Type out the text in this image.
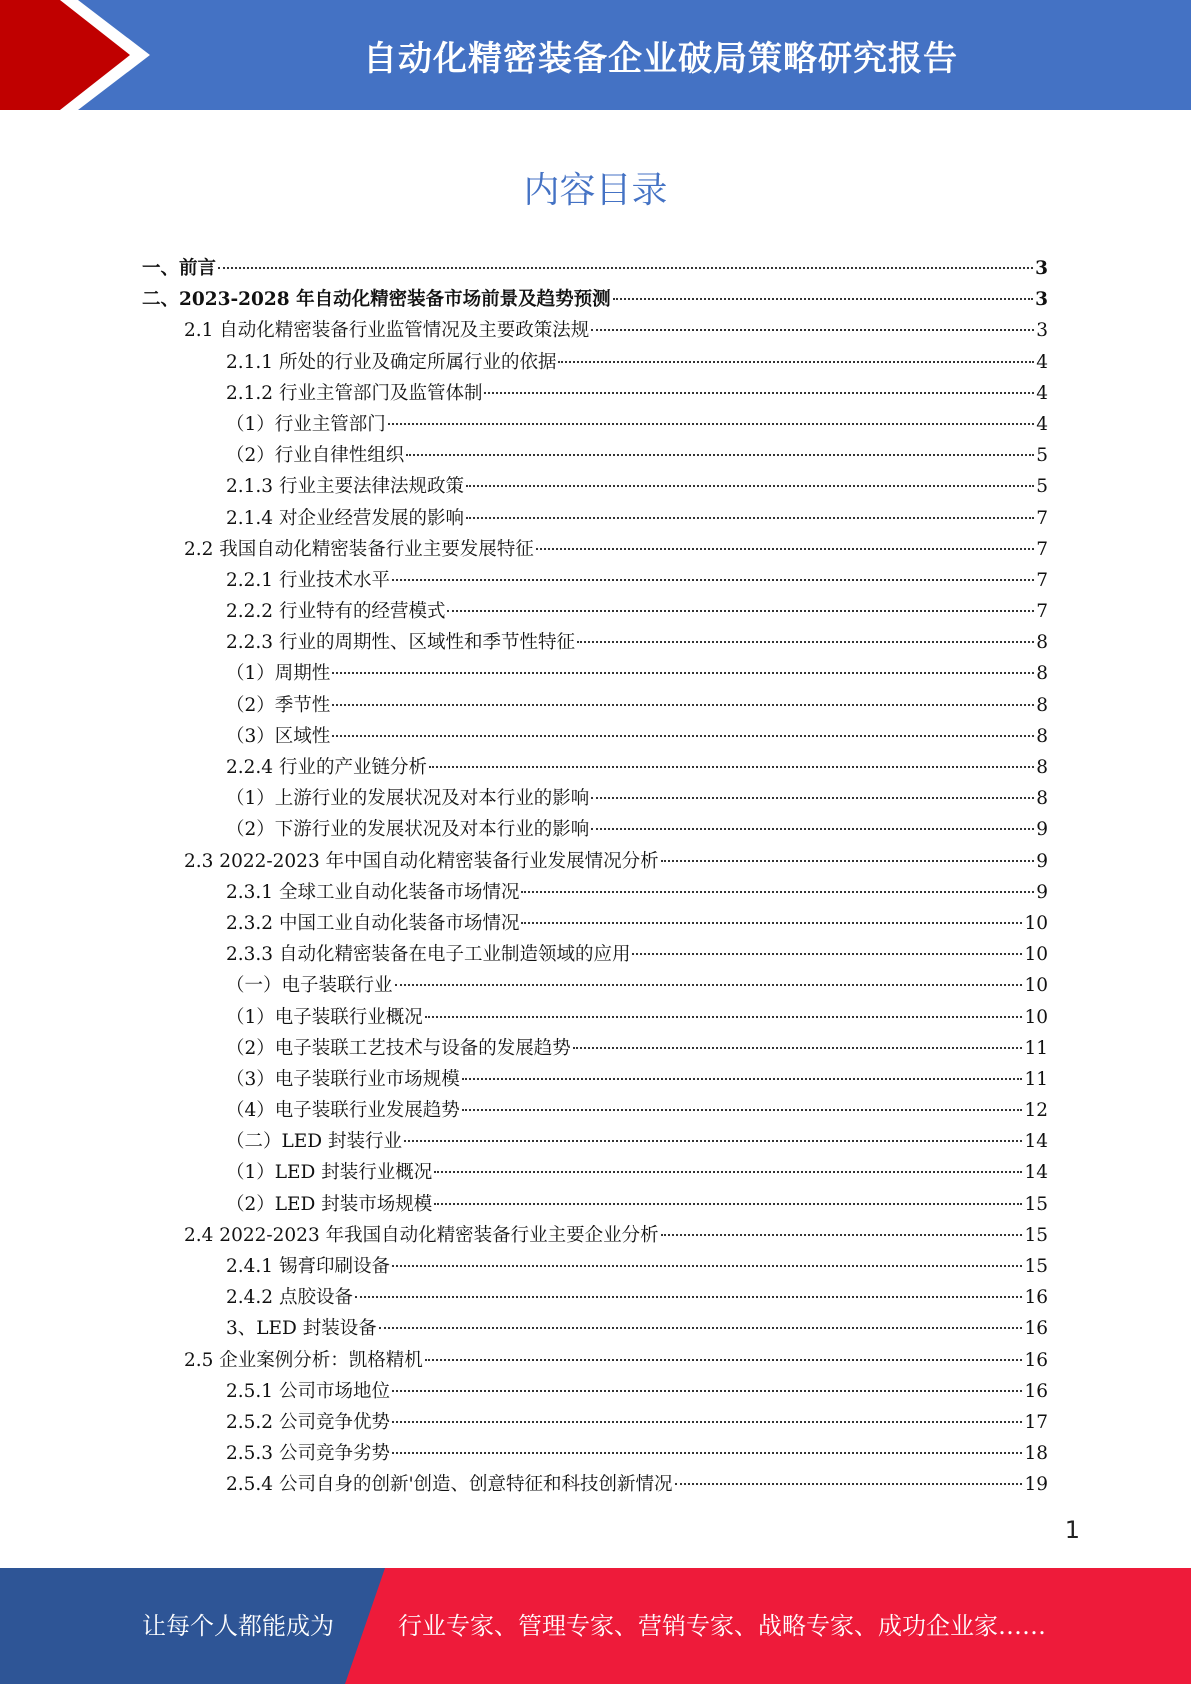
自动化精密装备企业破局策略研究报告
内容目录
一、前言	3
二、2023-2028 年自动化精密装备市场前景及趋势预测	3
2.1 自动化精密装备行业监管情况及主要政策法规	3
2.1.1 所处的行业及确定所属行业的依据	4
2.1.2 行业主管部门及监管体制	4
（1）行业主管部门	4
（2）行业自律性组织	5
2.1.3 行业主要法律法规政策	5
2.1.4 对企业经营发展的影响	7
2.2 我国自动化精密装备行业主要发展特征	7
2.2.1 行业技术水平	7
2.2.2 行业特有的经营模式	7
2.2.3 行业的周期性、区域性和季节性特征	8
（1）周期性	8
（2）季节性	8
（3）区域性	8
2.2.4 行业的产业链分析	8
（1）上游行业的发展状况及对本行业的影响	8
（2）下游行业的发展状况及对本行业的影响	9
2.3 2022-2023 年中国自动化精密装备行业发展情况分析	9
2.3.1 全球工业自动化装备市场情况	9
2.3.2 中国工业自动化装备市场情况	10
2.3.3 自动化精密装备在电子工业制造领域的应用	10
（一）电子装联行业	10
（1）电子装联行业概况	10
（2）电子装联工艺技术与设备的发展趋势	11
（3）电子装联行业市场规模	11
（4）电子装联行业发展趋势	12
（二）LED 封装行业	14
（1）LED 封装行业概况	14
（2）LED 封装市场规模	15
2.4 2022-2023 年我国自动化精密装备行业主要企业分析	15
2.4.1 锡膏印刷设备	15
2.4.2 点胶设备	16
3、LED 封装设备	16
2.5 企业案例分析：凯格精机	16
2.5.1 公司市场地位	16
2.5.2 公司竞争优势	17
2.5.3 公司竞争劣势	18
2.5.4 公司自身的创新'创造、创意特征和科技创新情况	19
1
让每个人都能成为	行业专家、管理专家、营销专家、战略专家、成功企业家……
